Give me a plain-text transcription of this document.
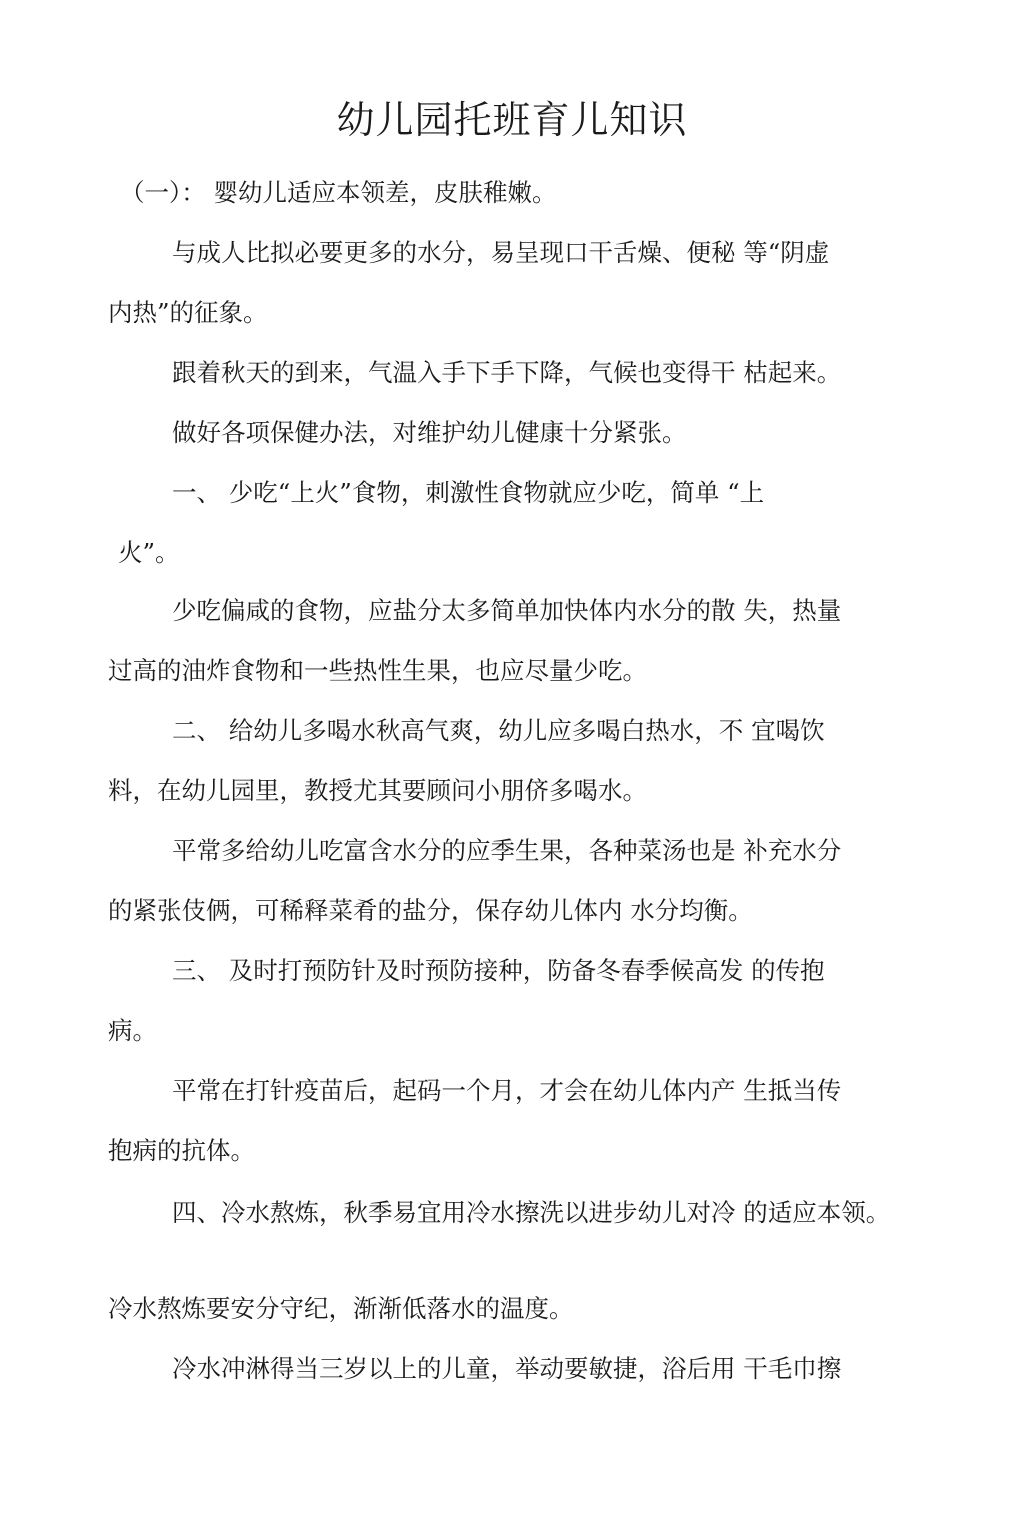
幼儿园托班育儿知识

（一）： 婴幼儿适应本领差，皮肤稚嫩。

与成人比拟必要更多的水分，易呈现口干舌燥、便秘 等“阴虚

内热”的征象。

跟着秋天的到来，气温入手下手下降，气候也变得干 枯起来。

做好各项保健办法，对维护幼儿健康十分紧张。

一、 少吃“上火”食物，刺激性食物就应少吃，简单 “上

火”。

少吃偏咸的食物，应盐分太多简单加快体内水分的散 失，热量

过高的油炸食物和一些热性生果，也应尽量少吃。

二、 给幼儿多喝水秋高气爽，幼儿应多喝白热水，不 宜喝饮

料，在幼儿园里，教授尤其要顾问小朋侪多喝水。

平常多给幼儿吃富含水分的应季生果，各种菜汤也是 补充水分

的紧张伎俩，可稀释菜肴的盐分，保存幼儿体内 水分均衡。

三、 及时打预防针及时预防接种，防备冬春季候高发 的传抱

病。

平常在打针疫苗后，起码一个月，才会在幼儿体内产 生抵当传

抱病的抗体。

四、冷水熬炼，秋季易宜用冷水擦洗以进步幼儿对冷 的适应本领。

冷水熬炼要安分守纪，渐渐低落水的温度。

冷水冲淋得当三岁以上的儿童，举动要敏捷，浴后用 干毛巾擦
